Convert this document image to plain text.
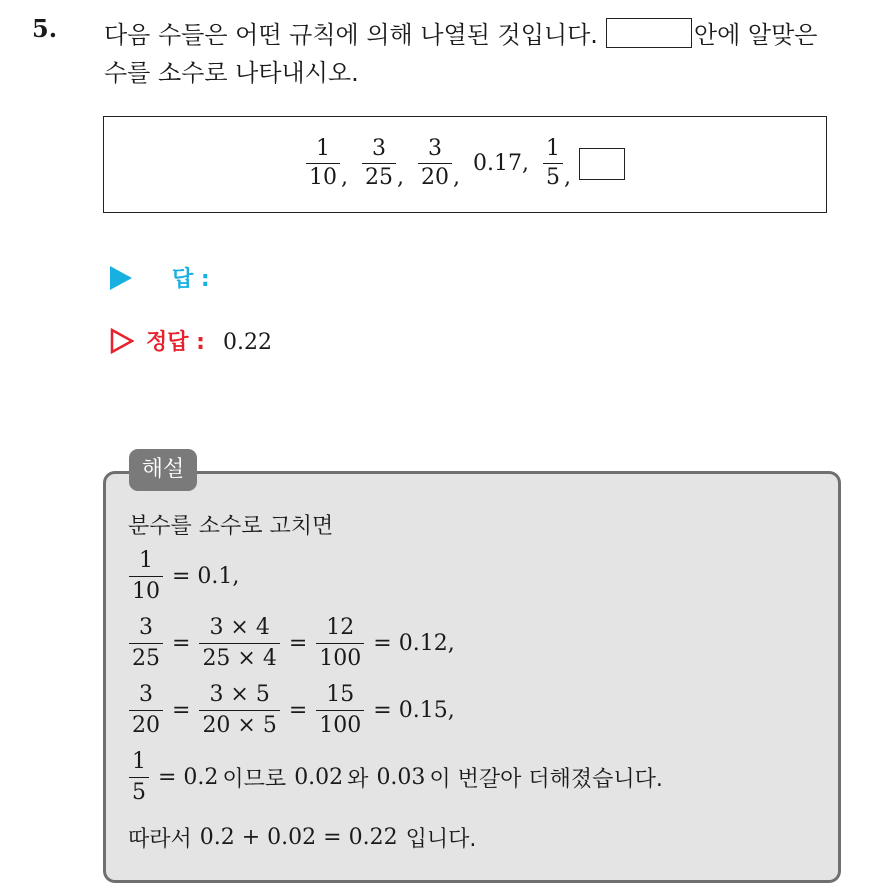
5. 다음 수들은 어떤 규칙에 의해 나열된 것입니다.	안에 알맞은
수를 소수로 나타내시오.
$\frac{1}{10}$ , $\frac{3}{25}$ , $\frac{3}{20}$ , 0.17, $\frac{1}{5}$ ,
답 :
정답 : 0.22
해설
분수를 소수로 고치면
$\frac{1}{10} = 0.1$,
$\frac{3}{25} = \frac{3 \times 4}{25 \times 4} = \frac{12}{100} = 0.12$,
$\frac{3}{20} = \frac{3 \times 5}{20 \times 5} = \frac{15}{100} = 0.15$,
$\frac{1}{5} = 0.2$ 이므로 0.02 와 0.03 이 번갈아 더해졌습니다.
따라서 0.2 + 0.02 = 0.22 입니다.
